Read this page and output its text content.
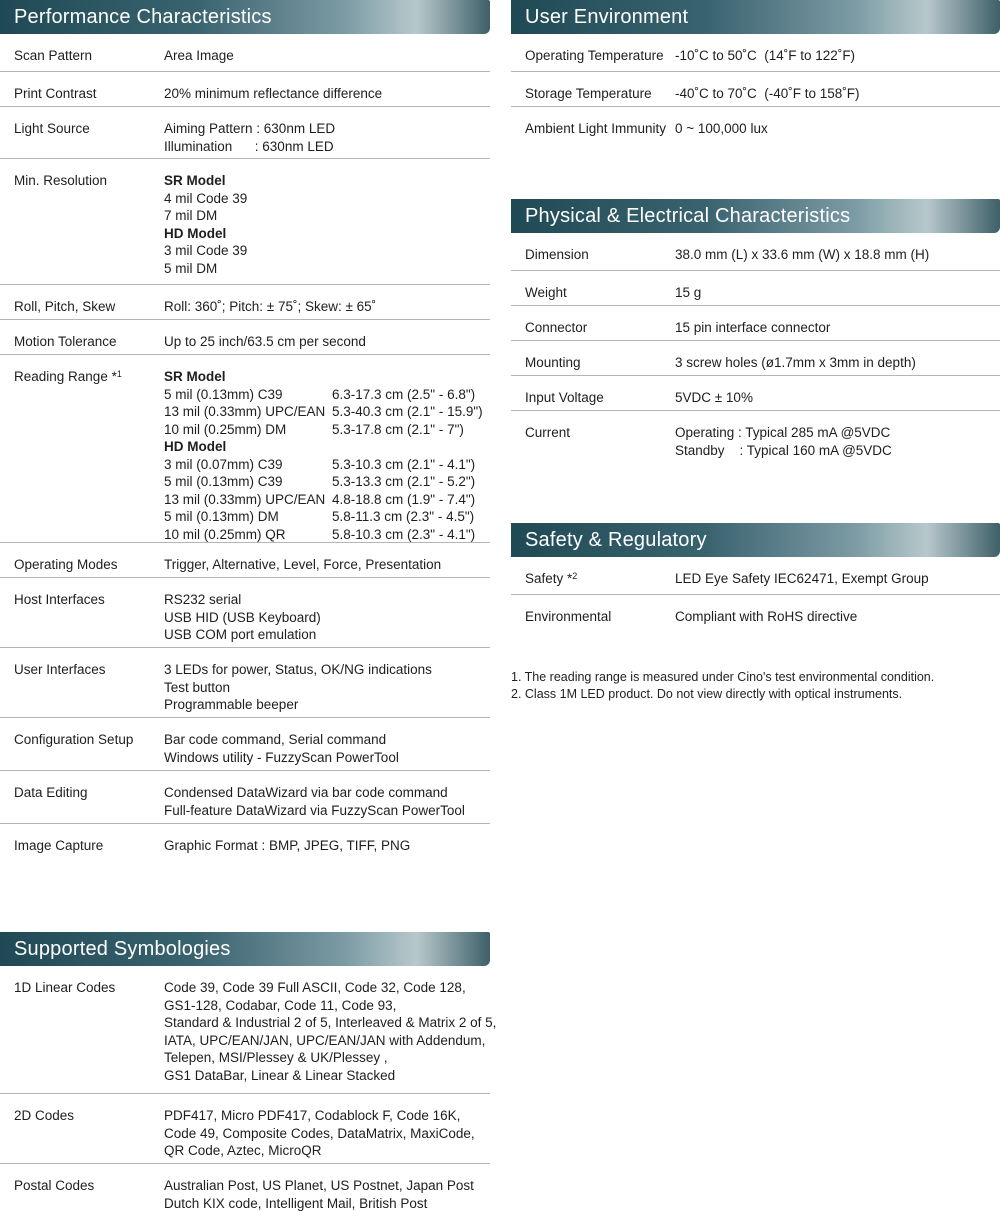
Performance Characteristics
Scan Pattern	Area Image
Print Contrast	20% minimum reflectance difference
Light Source	Aiming Pattern : 630nm LED
Illumination      : 630nm LED
Min. Resolution	SR Model
4 mil Code 39
7 mil DM
HD Model
3 mil Code 39
5 mil DM
Roll, Pitch, Skew	Roll: 360˚; Pitch: ± 75˚; Skew: ± 65˚
Motion Tolerance	Up to 25 inch/63.5 cm per second
Reading Range *$^1$	SR Model
5 mil (0.13mm) C39	6.3-17.3 cm (2.5" - 6.8")
13 mil (0.33mm) UPC/EAN 5.3-40.3 cm (2.1" - 15.9")
10 mil (0.25mm) DM	5.3-17.8 cm (2.1" - 7")
HD Model
3 mil (0.07mm) C39	5.3-10.3 cm (2.1" - 4.1")
5 mil (0.13mm) C39	5.3-13.3 cm (2.1" - 5.2")
13 mil (0.33mm) UPC/EAN 4.8-18.8 cm (1.9" - 7.4")
5 mil (0.13mm) DM	5.8-11.3 cm (2.3" - 4.5")
10 mil (0.25mm) QR	5.8-10.3 cm (2.3" - 4.1")
Operating Modes	Trigger, Alternative, Level, Force, Presentation
Host Interfaces	RS232 serial
USB HID (USB Keyboard)
USB COM port emulation
User Interfaces	3 LEDs for power, Status, OK/NG indications
Test button
Programmable beeper
Configuration Setup	Bar code command, Serial command
Windows utility - FuzzyScan PowerTool
Data Editing	Condensed DataWizard via bar code command
Full-feature DataWizard via FuzzyScan PowerTool
Image Capture	Graphic Format : BMP, JPEG, TIFF, PNG
Supported Symbologies
1D Linear Codes	Code 39, Code 39 Full ASCII, Code 32, Code 128,
GS1-128, Codabar, Code 11, Code 93,
Standard & Industrial 2 of 5, Interleaved & Matrix 2 of 5,
IATA, UPC/EAN/JAN, UPC/EAN/JAN with Addendum,
Telepen, MSI/Plessey & UK/Plessey ,
GS1 DataBar, Linear & Linear Stacked
2D Codes	PDF417, Micro PDF417, Codablock F, Code 16K,
Code 49, Composite Codes, DataMatrix, MaxiCode,
QR Code, Aztec, MicroQR
Postal Codes	Australian Post, US Planet, US Postnet, Japan Post
Dutch KIX code, Intelligent Mail, British Post
User Environment
Operating Temperature -10˚C to 50˚C  (14˚F to 122˚F)
Storage Temperature	-40˚C to 70˚C  (-40˚F to 158˚F)
Ambient Light Immunity 0 ~ 100,000 lux
Physical & Electrical Characteristics
Dimension	38.0 mm (L) x 33.6 mm (W) x 18.8 mm (H)
Weight	15 g
Connector	15 pin interface connector
Mounting	3 screw holes (ø1.7mm x 3mm in depth)
Input Voltage	5VDC ± 10%
Current	Operating : Typical 285 mA @5VDC
Standby    : Typical 160 mA @5VDC
Safety & Regulatory
Safety *$^2$	LED Eye Safety IEC62471, Exempt Group
Environmental	Compliant with RoHS directive
1. The reading range is measured under Cino's test environmental condition.
2. Class 1M LED product. Do not view directly with optical instruments.
